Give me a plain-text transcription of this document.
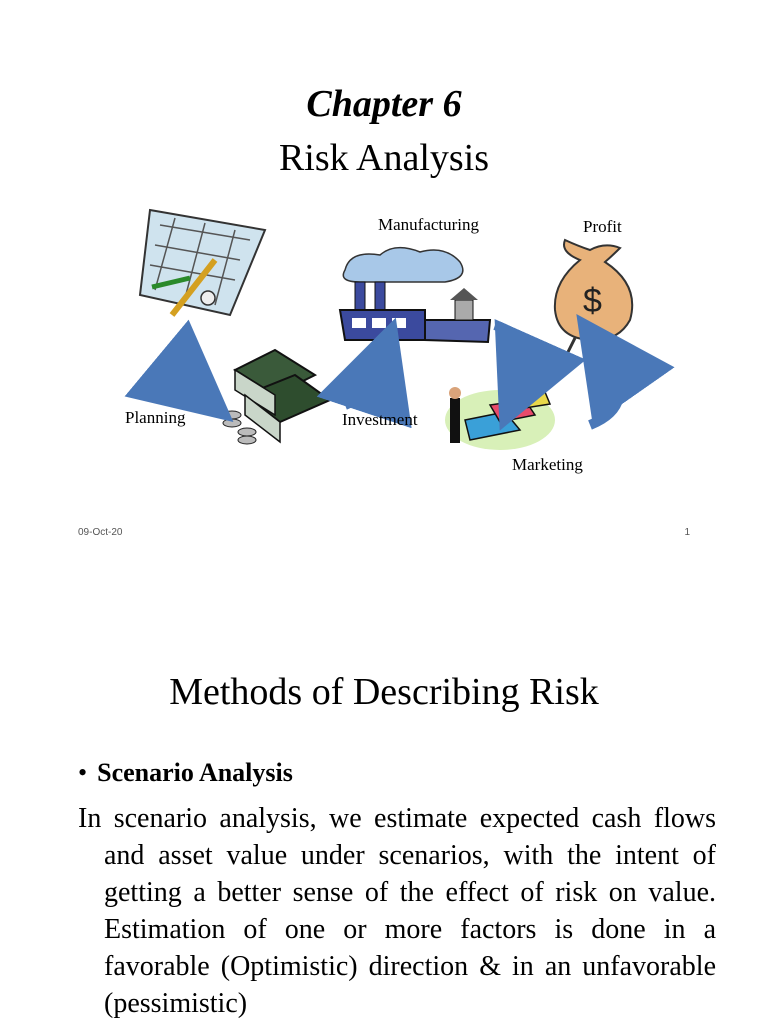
Chapter 6
Risk Analysis
$
Planning	Investment
Manufacturing
Marketing
Profit
09-Oct-20	1
Methods of Describing Risk
• Scenario Analysis

In scenario analysis, we estimate expected cash flows and asset value under scenarios, with the intent of getting a better sense of the effect of risk on value. Estimation of one or more factors is done in a favorable (Optimistic) direction & in an unfavorable (pessimistic)
